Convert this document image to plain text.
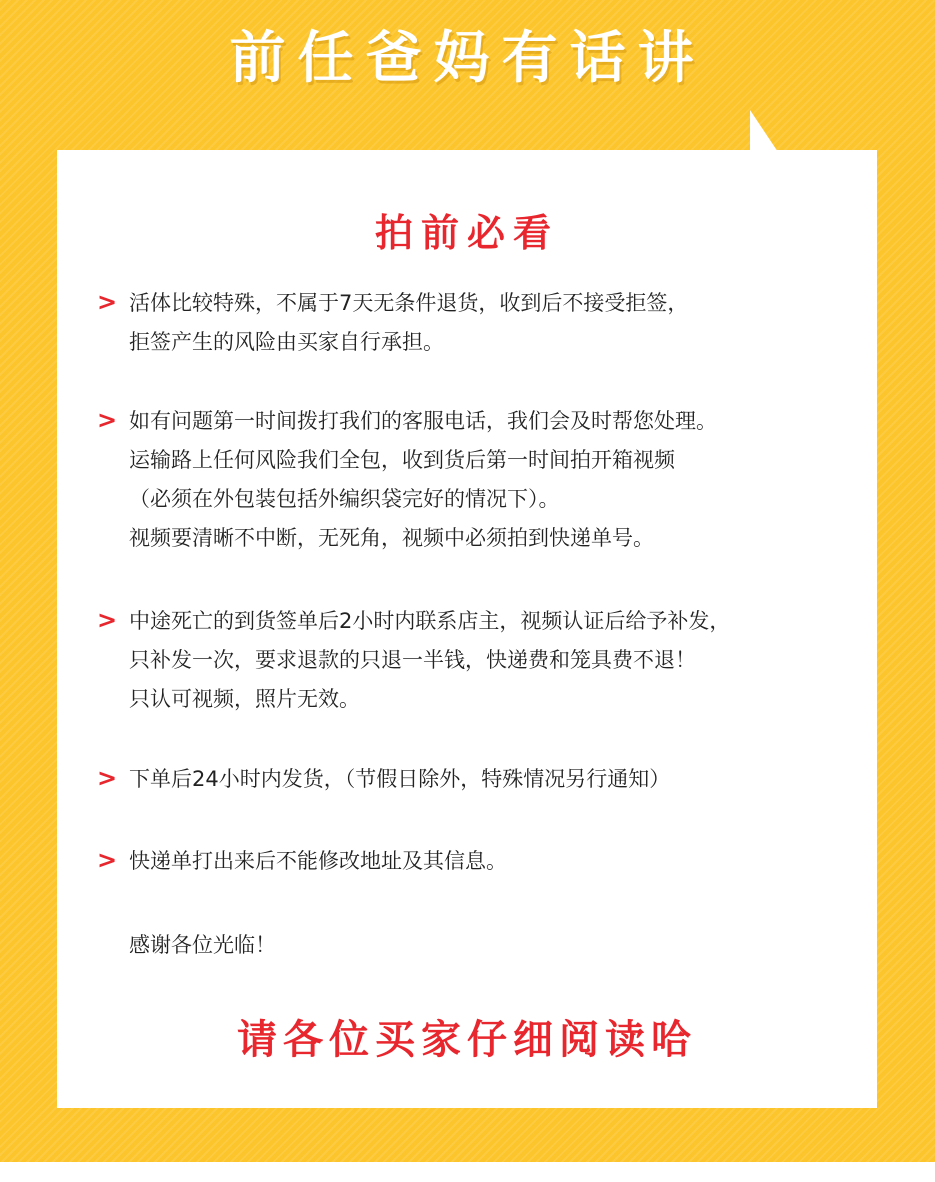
前任爸妈有话讲
拍前必看
> 活体比较特殊，不属于7天无条件退货，收到后不接受拒签，
拒签产生的风险由买家自行承担。
> 如有问题第一时间拨打我们的客服电话，我们会及时帮您处理。
运输路上任何风险我们全包，收到货后第一时间拍开箱视频
（必须在外包装包括外编织袋完好的情况下）。
视频要清晰不中断，无死角，视频中必须拍到快递单号。
> 中途死亡的到货签单后2小时内联系店主，视频认证后给予补发，
只补发一次，要求退款的只退一半钱，快递费和笼具费不退！
只认可视频，照片无效。
> 下单后24小时内发货，（节假日除外，特殊情况另行通知）
> 快递单打出来后不能修改地址及其信息。
感谢各位光临！
请各位买家仔细阅读哈
